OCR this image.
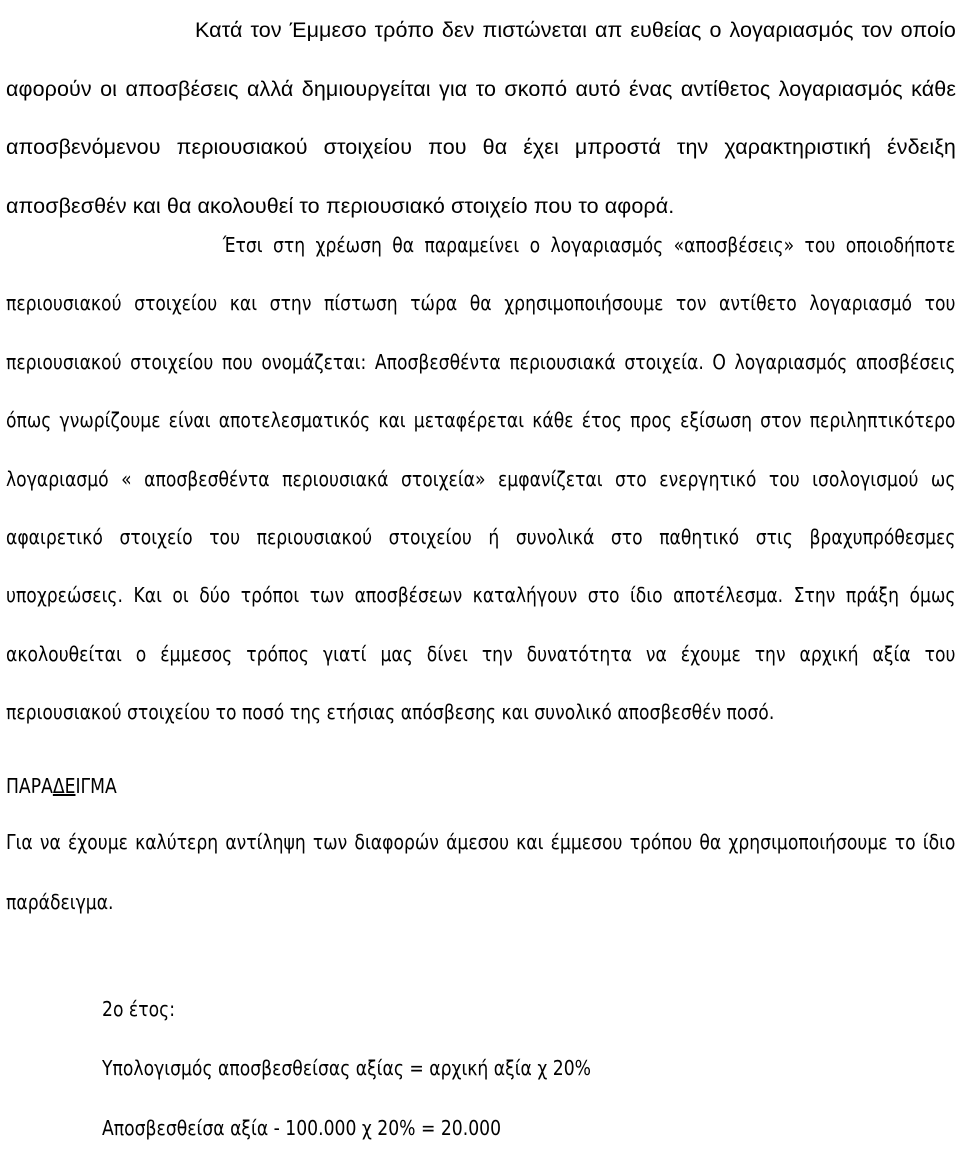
Κατά τον Έμμεσο τρόπο δεν πιστώνεται απ ευθείας ο λογαριασμός τον οποίο αφορούν οι αποσβέσεις αλλά δημιουργείται για το σκοπό αυτό ένας αντίθετος λογαριασμός κάθε αποσβενόμενου περιουσιακού στοιχείου που θα έχει μπροστά την χαρακτηριστική ένδειξη αποσβεσθέν και θα ακολουθεί το περιουσιακό στοιχείο που το αφορά.
Έτσι στη χρέωση θα παραμείνει ο λογαριασμός «αποσβέσεις» του οποιοδήποτε περιουσιακού στοιχείου και στην πίστωση τώρα θα χρησιμοποιήσουμε τον αντίθετο λογαριασμό του περιουσιακού στοιχείου που ονομάζεται: Αποσβεσθέντα περιουσιακά στοιχεία. Ο λογαριασμός αποσβέσεις όπως γνωρίζουμε είναι αποτελεσματικός και μεταφέρεται κάθε έτος προς εξίσωση στον περιληπτικότερο λογαριασμό « αποσβεσθέντα περιουσιακά στοιχεία» εμφανίζεται στο ενεργητικό του ισολογισμού ως αφαιρετικό στοιχείο του περιουσιακού στοιχείου ή συνολικά στο παθητικό στις βραχυπρόθεσμες υποχρεώσεις. Και οι δύο τρόποι των αποσβέσεων καταλήγουν στο ίδιο αποτέλεσμα. Στην πράξη όμως ακολουθείται ο έμμεσος τρόπος γιατί μας δίνει την δυνατότητα να έχουμε την αρχική αξία του περιουσιακού στοιχείου το ποσό της ετήσιας απόσβεσης και συνολικό αποσβεσθέν ποσό.
ΠΑΡΑΔΕΙΓΜΑ
Για να έχουμε καλύτερη αντίληψη των διαφορών άμεσου και έμμεσου τρόπου θα χρησιμοποιήσουμε το ίδιο παράδειγμα.
2ο έτος:
Υπολογισμός αποσβεσθείσας αξίας = αρχική αξία χ 20%
Αποσβεσθείσα αξία - 100.000 χ 20% = 20.000
